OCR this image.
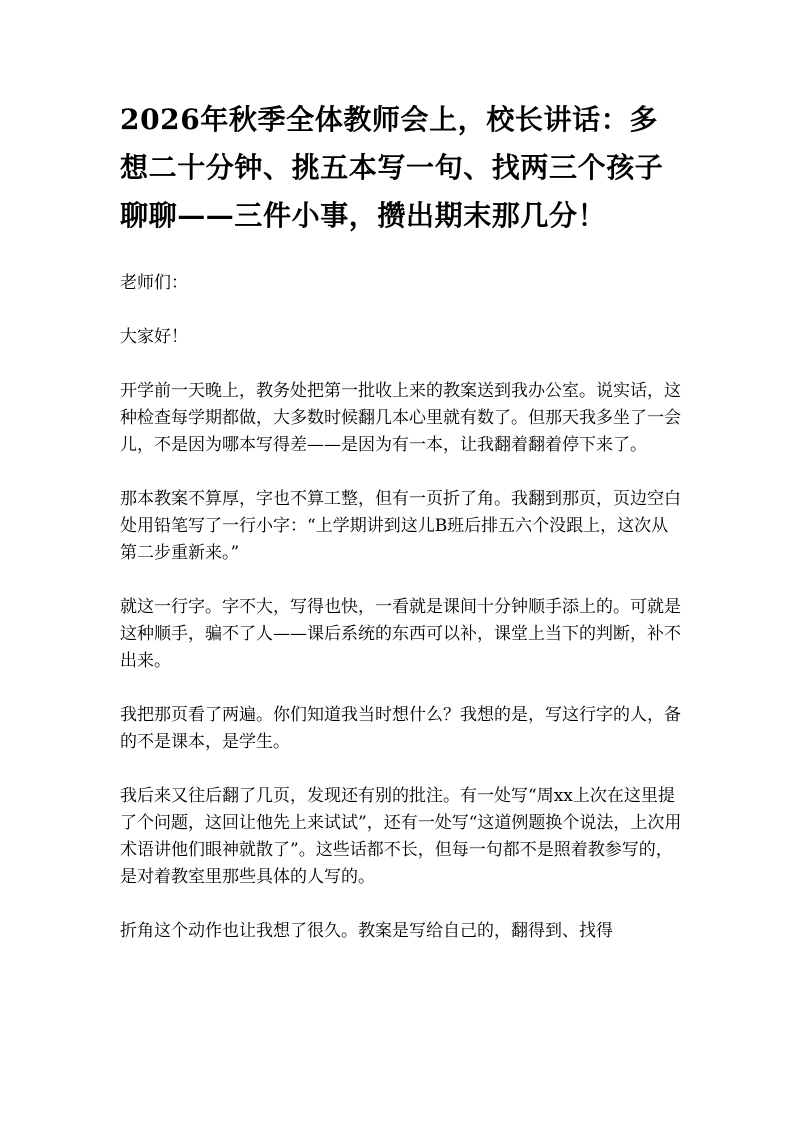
2026年秋季全体教师会上，校长讲话：多想二十分钟、挑五本写一句、找两三个孩子聊聊——三件小事，攒出期末那几分！

老师们：

大家好！

开学前一天晚上，教务处把第一批收上来的教案送到我办公室。说实话，这种检查每学期都做，大多数时候翻几本心里就有数了。但那天我多坐了一会儿，不是因为哪本写得差——是因为有一本，让我翻着翻着停下来了。

那本教案不算厚，字也不算工整，但有一页折了角。我翻到那页，页边空白处用铅笔写了一行小字：“上学期讲到这儿B班后排五六个没跟上，这次从第二步重新来。”

就这一行字。字不大，写得也快，一看就是课间十分钟顺手添上的。可就是这种顺手，骗不了人——课后系统的东西可以补，课堂上当下的判断，补不出来。

我把那页看了两遍。你们知道我当时想什么？我想的是，写这行字的人，备的不是课本，是学生。

我后来又往后翻了几页，发现还有别的批注。有一处写“周xx上次在这里提了个问题，这回让他先上来试试”，还有一处写“这道例题换个说法，上次用术语讲他们眼神就散了”。这些话都不长，但每一句都不是照着教参写的，是对着教室里那些具体的人写的。

折角这个动作也让我想了很久。教案是写给自己的，翻得到、找得
